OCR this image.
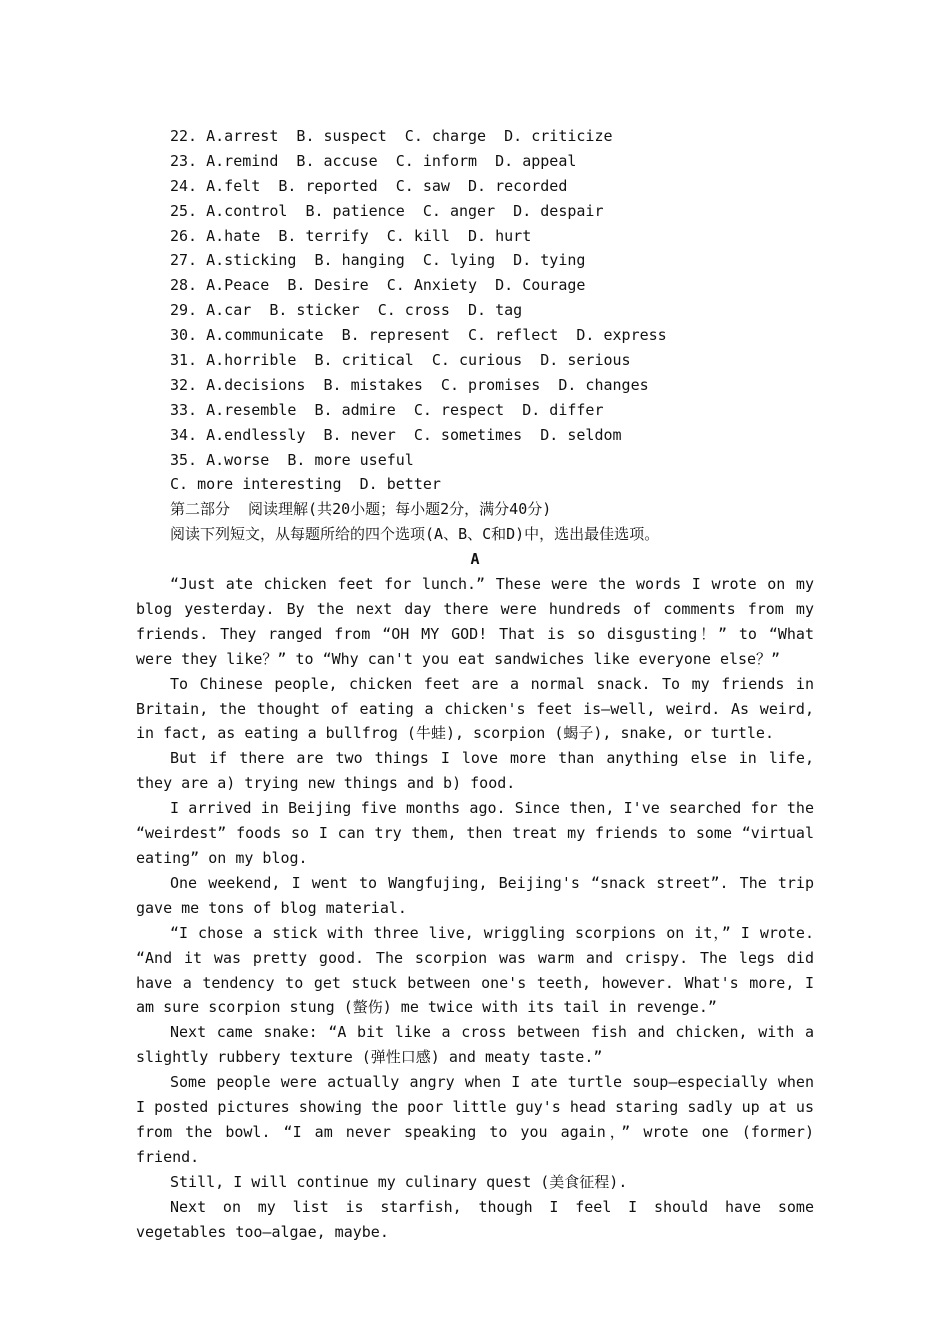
22. A.arrest  B. suspect  C. charge  D. criticize
23. A.remind  B. accuse  C. inform  D. appeal
24. A.felt  B. reported  C. saw  D. recorded
25. A.control  B. patience  C. anger  D. despair
26. A.hate  B. terrify  C. kill  D. hurt
27. A.sticking  B. hanging  C. lying  D. tying
28. A.Peace  B. Desire  C. Anxiety  D. Courage
29. A.car  B. sticker  C. cross  D. tag
30. A.communicate  B. represent  C. reflect  D. express
31. A.horrible  B. critical  C. curious  D. serious
32. A.decisions  B. mistakes  C. promises  D. changes
33. A.resemble  B. admire  C. respect  D. differ
34. A.endlessly  B. never  C. sometimes  D. seldom
35. A.worse  B. more useful
C. more interesting  D. better
第二部分  阅读理解(共20小题；每小题2分，满分40分)
阅读下列短文，从每题所给的四个选项(A、B、C和D)中，选出最佳选项。
A

“Just ate chicken feet for lunch.” These were the words I wrote on my blog yesterday. By the next day there were hundreds of comments from my friends. They ranged from “OH MY GOD! That is so disgusting！” to “What were they like？” to “Why can't you eat sandwiches like everyone else？”

To Chinese people, chicken feet are a normal snack. To my friends in Britain, the thought of eating a chicken's feet is—well, weird. As weird, in fact, as eating a bullfrog (牛蛙), scorpion (蝎子), snake, or turtle.

But if there are two things I love more than anything else in life, they are a) trying new things and b) food.

I arrived in Beijing five months ago. Since then, I've searched for the “weirdest” foods so I can try them, then treat my friends to some “virtual eating” on my blog.

One weekend, I went to Wangfujing, Beijing's “snack street”. The trip gave me tons of blog material.

“I chose a stick with three live, wriggling scorpions on it，” I wrote. “And it was pretty good. The scorpion was warm and crispy. The legs did have a tendency to get stuck between one's teeth, however. What's more, I am sure scorpion stung (螫伤) me twice with its tail in revenge.”

Next came snake: “A bit like a cross between fish and chicken, with a slightly rubbery texture (弹性口感) and meaty taste.”

Some people were actually angry when I ate turtle soup—especially when I posted pictures showing the poor little guy's head staring sadly up at us from the bowl. “I am never speaking to you again，” wrote one (former) friend.

Still, I will continue my culinary quest (美食征程).

Next on my list is starfish, though I feel I should have some vegetables too—algae, maybe.
